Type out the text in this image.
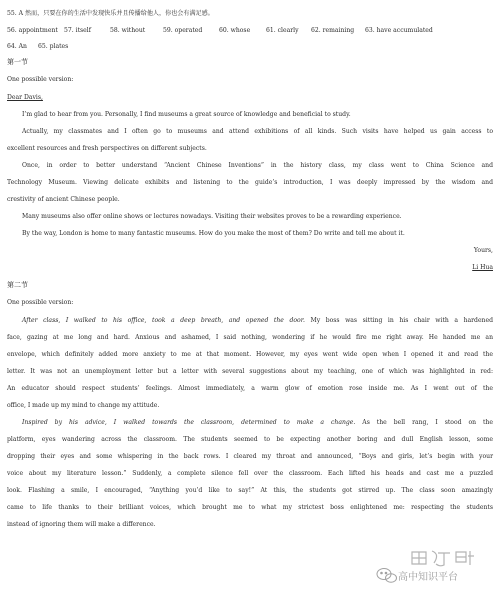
55. A 然而，只要在你的生活中发现快乐并且传播给他人，你也会有满足感。

56. appointment 57. itself	58. without	59. operated	60. whose	61. clearly 62. remaining 63. have accumulated
64. An 65. plates

第一节

One possible version:

Dear Davis,

I’m glad to hear from you. Personally, I find museums a great source of knowledge and beneficial to study.

Actually, my classmates and I often go to museums and attend exhibitions of all kinds. Such visits have helped us gain access to

excellent resources and fresh perspectives on different subjects.

Once, in order to better understand “Ancient Chinese Inventions” in the history class, my class went to China Science and

Technology Museum. Viewing delicate exhibits and listening to the guide’s introduction, I was deeply impressed by the wisdom and

crestivity of ancient Chinese people.

Many museums also offer online shows or lectures nowadays. Visiting their websites proves to be a rewarding experience.

By the way, London is home to many fantastic museums. How do you make the most of them? Do write and tell me about it.

Yours,

Li Hua

第二节

One possible version:

After class, I walked to his office, took a deep breath, and opened the door. My boss was sitting in his chair with a hardened

face, gazing at me long and hard. Anxious and ashamed, I said nothing, wondering if he would fire me right away. He handed me an

envelope, which definitely added more anxiety to me at that moment. However, my eyes went wide open when I opened it and read the

letter. It was not an unemployment letter but a letter with several suggestions about my teaching, one of which was highlighted in red:

An educator should respect students’ feelings. Almost immediately, a warm glow of emotion rose inside me. As I went out of the

office, I made up my mind to change my attitude.

Inspired by his advice, I walked towards the classroom, determined to make a change. As the bell rang, I stood on the

platform, eyes wandering across the classroom. The students seemed to be expecting another boring and dull English lesson, some

dropping their eyes and some whispering in the back rows. I cleared my throat and announced, “Boys and girls, let’s begin with your

voice about my literature lesson.” Suddenly, a complete silence fell over the classroom. Each lifted his heads and cast me a puzzled

look. Flashing a smile, I encouraged, “Anything you’d like to say!” At this, the students got stirred up. The class soon amazingly

came to life thanks to their brilliant voices, which brought me to what my strictest boss enlightened me: respecting the students

instead of ignoring them will make a difference.

高中知识平台
